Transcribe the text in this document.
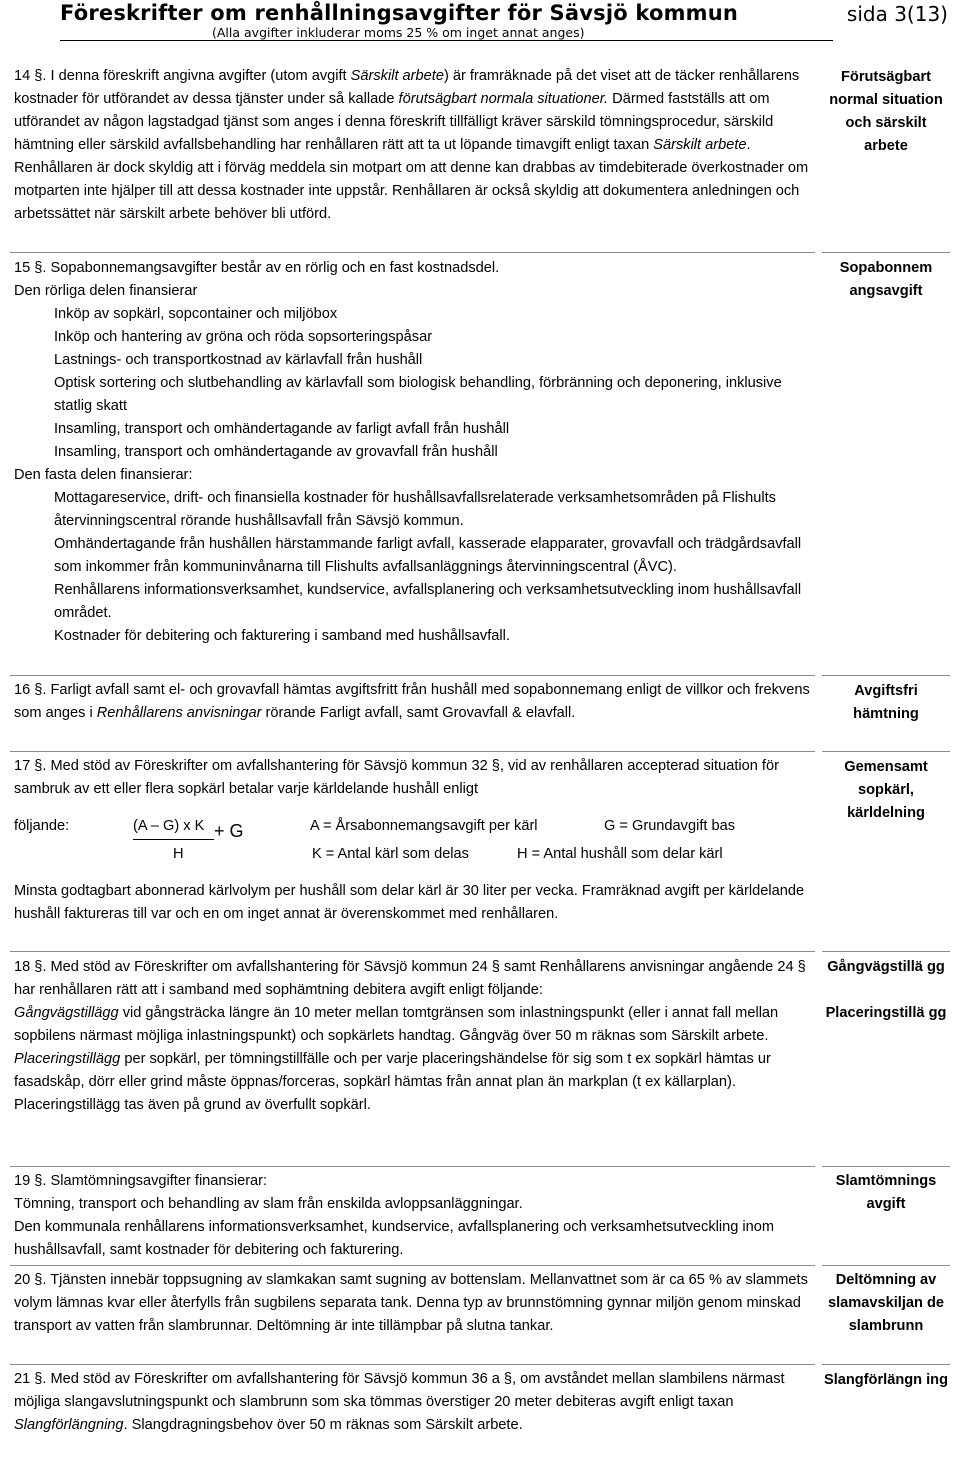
Föreskrifter om renhållningsavgifter för Sävsjö kommun
(Alla avgifter inkluderar moms 25 % om inget annat anges)
sida 3(13)

14 §. I denna föreskrift angivna avgifter (utom avgift Särskilt arbete) är framräknade på det viset att de täcker renhållarens kostnader för utförandet av dessa tjänster under så kallade förutsägbart normala situationer. Därmed fastställs att om utförandet av någon lagstadgad tjänst som anges i denna föreskrift tillfälligt kräver särskild tömningsprocedur, särskild hämtning eller särskild avfallsbehandling har renhållaren rätt att ta ut löpande timavgift enligt taxan Särskilt arbete. Renhållaren är dock skyldig att i förväg meddela sin motpart om att denne kan drabbas av timdebiterade överkostnader om motparten inte hjälper till att dessa kostnader inte uppstår. Renhållaren är också skyldig att dokumentera anledningen och arbetssättet när särskilt arbete behöver bli utförd.

15 §. Sopabonnemangsavgifter består av en rörlig och en fast kostnadsdel.

Den rörliga delen finansierar

Inköp av sopkärl, sopcontainer och miljöbox

Inköp och hantering av gröna och röda sopsorteringspåsar

Lastnings- och transportkostnad av kärlavfall från hushåll

Optisk sortering och slutbehandling av kärlavfall som biologisk behandling, förbränning och deponering, inklusive statlig skatt

Insamling, transport och omhändertagande av farligt avfall från hushåll

Insamling, transport och omhändertagande av grovavfall från hushåll

Den fasta delen finansierar:

Mottagareservice, drift- och finansiella kostnader för hushållsavfallsrelaterade verksamhetsområden på Flishults återvinningscentral rörande hushållsavfall från Sävsjö kommun.

Omhändertagande från hushållen härstammande farligt avfall, kasserade elapparater, grovavfall och trädgårdsavfall som inkommer från kommuninvånarna till Flishults avfallsanläggnings återvinningscentral (ÅVC).

Renhållarens informationsverksamhet, kundservice, avfallsplanering och verksamhetsutveckling inom hushållsavfall området.

Kostnader för debitering och fakturering i samband med hushållsavfall.

16 §. Farligt avfall samt el- och grovavfall hämtas avgiftsfritt från hushåll med sopabonnemang enligt de villkor och frekvens som anges i Renhållarens anvisningar rörande Farligt avfall, samt Grovavfall & elavfall.

17 §. Med stöd av Föreskrifter om avfallshantering för Sävsjö kommun 32 §, vid av renhållaren accepterad situation för sambruk av ett eller flera sopkärl betalar varje kärldelande hushåll enligt

följande:	(A – G) x K + G
H
A = Årsabonnemangsavgift per kärl	G = Grundavgift bas
K = Antal kärl som delas	H = Antal hushåll som delar kärl

Minsta godtagbart abonnerad kärlvolym per hushåll som delar kärl är 30 liter per vecka. Framräknad avgift per kärldelande hushåll faktureras till var och en om inget annat är överenskommet med renhållaren.

18 §. Med stöd av Föreskrifter om avfallshantering för Sävsjö kommun 24 § samt Renhållarens anvisningar angående 24 § har renhållaren rätt att i samband med sophämtning debitera avgift enligt följande:

Gångvägstillägg vid gångsträcka längre än 10 meter mellan tomtgränsen som inlastningspunkt (eller i annat fall mellan sopbilens närmast möjliga inlastningspunkt) och sopkärlets handtag. Gångväg över 50 m räknas som Särskilt arbete.

Placeringstillägg per sopkärl, per tömningstillfälle och per varje placeringshändelse för sig som t ex sopkärl hämtas ur fasadskåp, dörr eller grind måste öppnas/forceras, sopkärl hämtas från annat plan än markplan (t ex källarplan). Placeringstillägg tas även på grund av överfullt sopkärl.

19 §. Slamtömningsavgifter finansierar:

Tömning, transport och behandling av slam från enskilda avloppsanläggningar.

Den kommunala renhållarens informationsverksamhet, kundservice, avfallsplanering och verksamhetsutveckling inom hushållsavfall, samt kostnader för debitering och fakturering.

20 §. Tjänsten innebär toppsugning av slamkakan samt sugning av bottenslam. Mellanvattnet som är ca 65 % av slammets volym lämnas kvar eller återfylls från sugbilens separata tank. Denna typ av brunnstömning gynnar miljön genom minskad transport av vatten från slambrunnar. Deltömning är inte tillämpbar på slutna tankar.

21 §. Med stöd av Föreskrifter om avfallshantering för Sävsjö kommun 36 a §, om avståndet mellan slambilens närmast möjliga slangavslutningspunkt och slambrunn som ska tömmas överstiger 20 meter debiteras avgift enligt taxan Slangförlängning. Slangdragningsbehov över 50 m räknas som Särskilt arbete.

Förutsägbart normal situation och särskilt arbete
Sopabonnem angsavgift
Avgiftsfri hämtning
Gemensamt sopkärl, kärldelning
Gångvägstillä gg
Placeringstillä gg
Slamtömnings avgift
Deltömning av slamavskiljan de slambrunn
Slangförlängn ing
